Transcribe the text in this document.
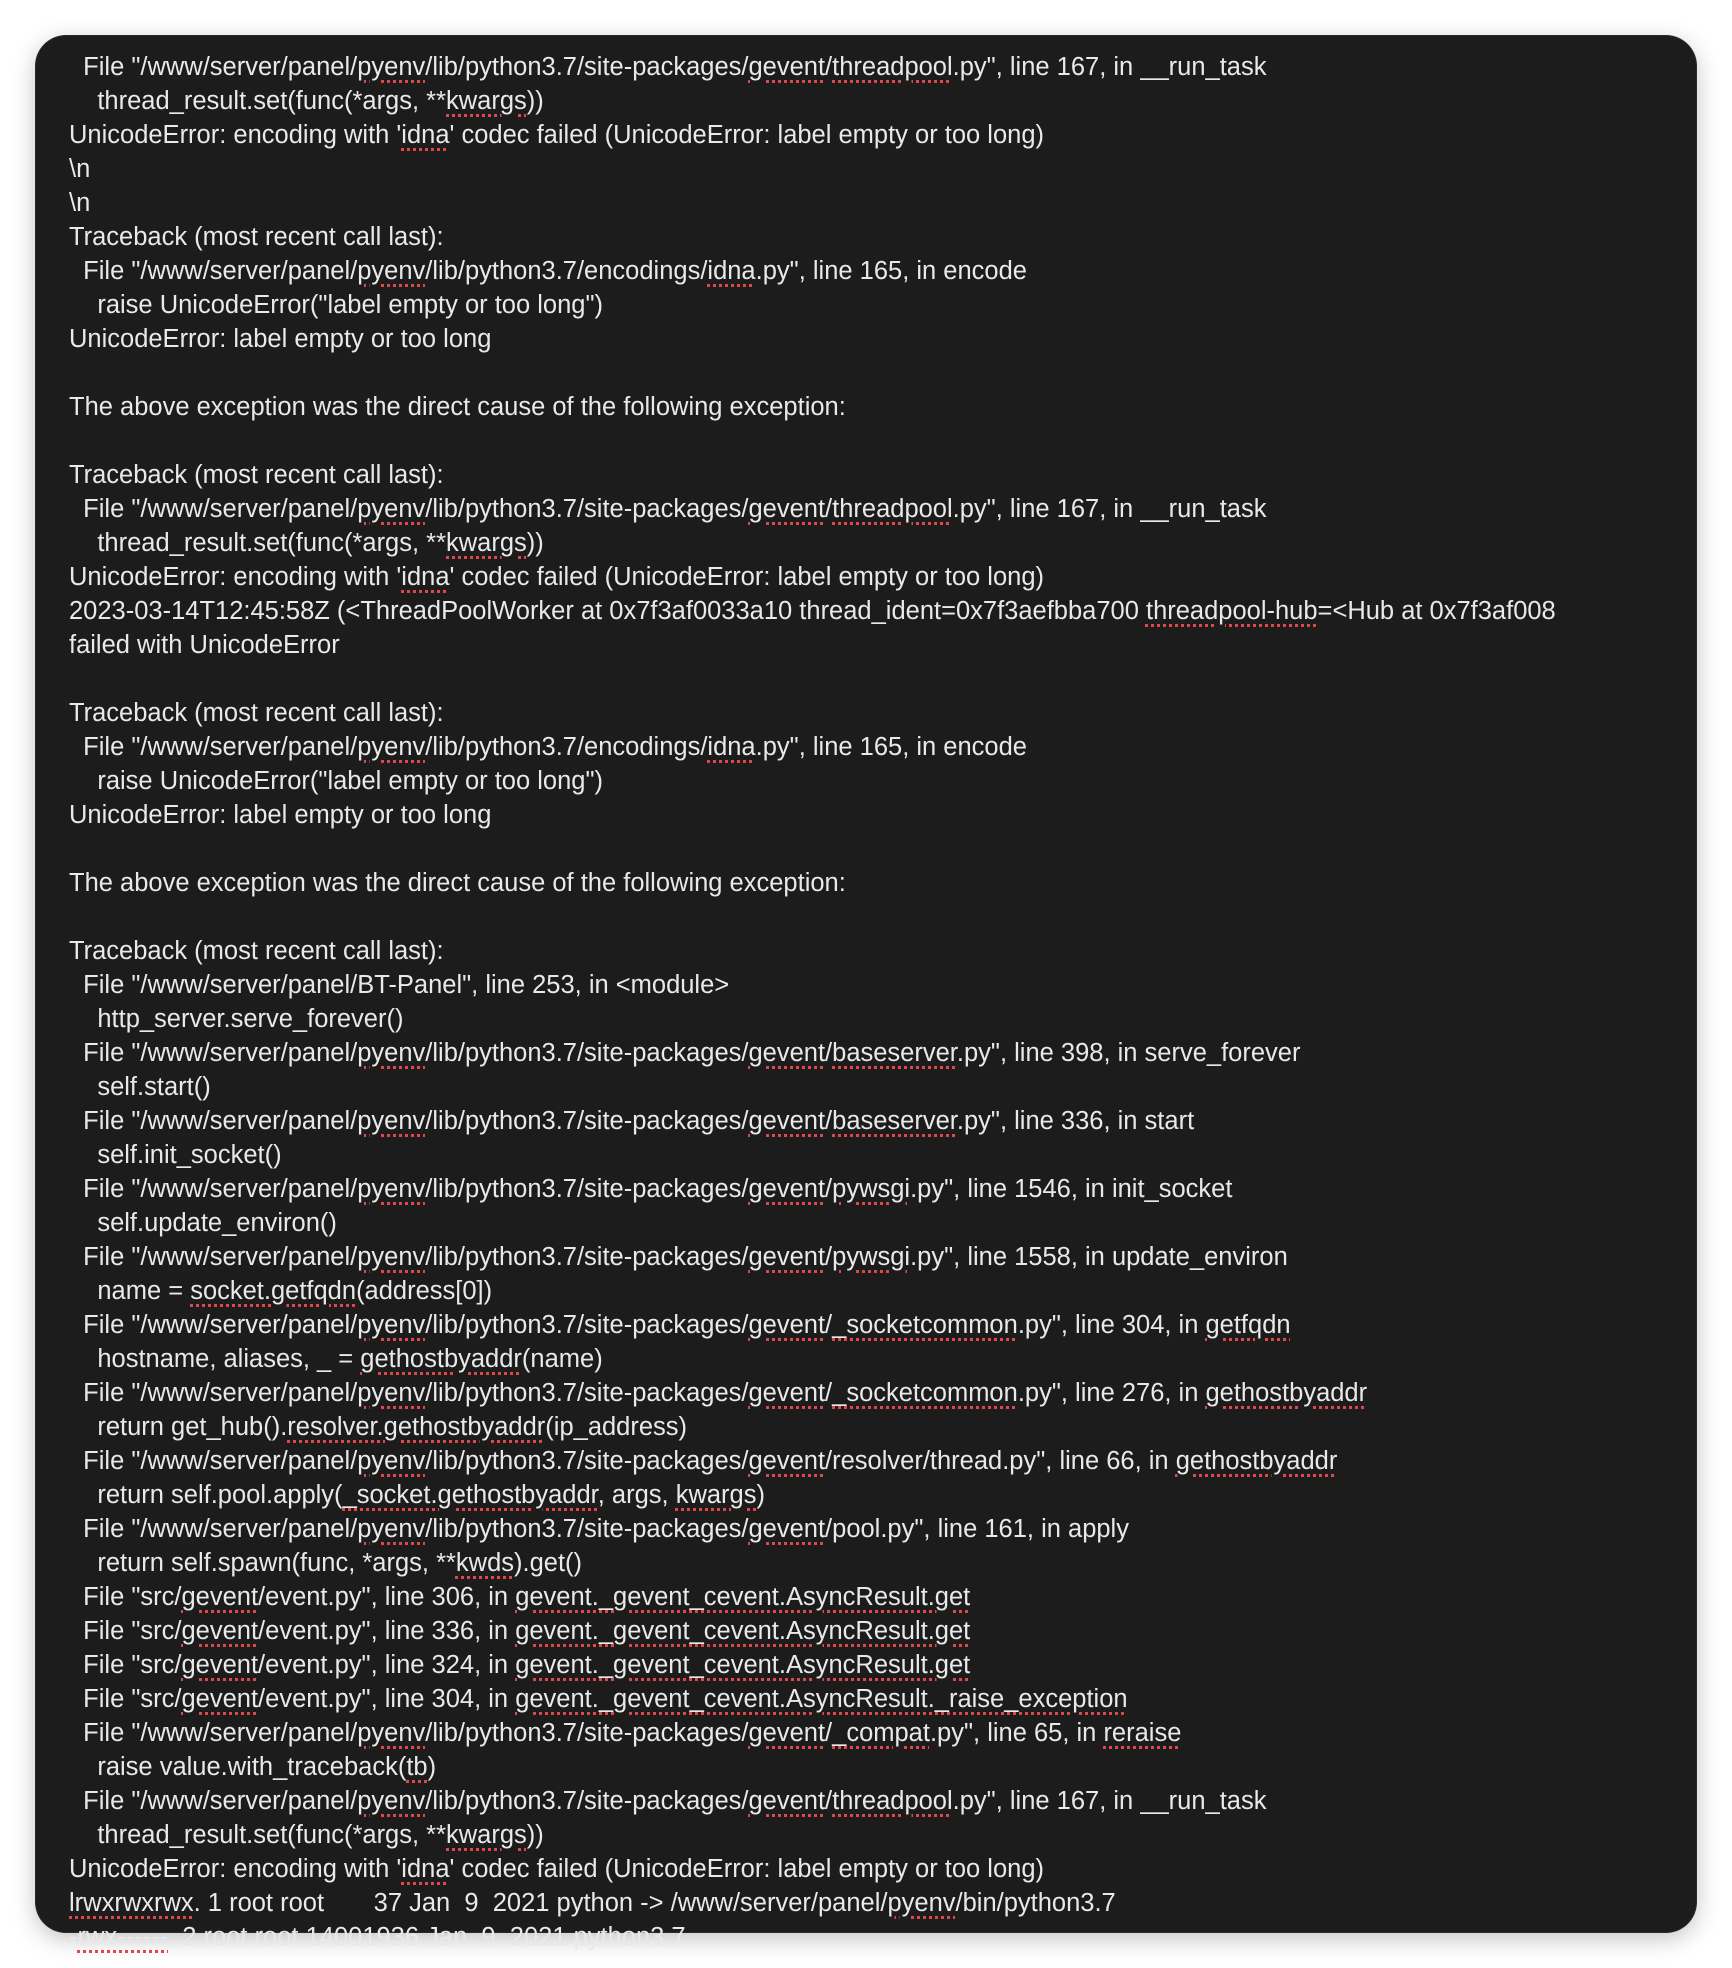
File "/www/server/panel/pyenv/lib/python3.7/site-packages/gevent/threadpool.py", line 167, in __run_task
thread_result.set(func(*args, **kwargs))
UnicodeError: encoding with 'idna' codec failed (UnicodeError: label empty or too long)
\n
\n
Traceback (most recent call last):
File "/www/server/panel/pyenv/lib/python3.7/encodings/idna.py", line 165, in encode
raise UnicodeError("label empty or too long")
UnicodeError: label empty or too long
The above exception was the direct cause of the following exception:
Traceback (most recent call last):
File "/www/server/panel/pyenv/lib/python3.7/site-packages/gevent/threadpool.py", line 167, in __run_task
thread_result.set(func(*args, **kwargs))
UnicodeError: encoding with 'idna' codec failed (UnicodeError: label empty or too long)
2023-03-14T12:45:58Z (<ThreadPoolWorker at 0x7f3af0033a10 thread_ident=0x7f3aefbba700 threadpool-hub=<Hub at 0x7f3af008
failed with UnicodeError
Traceback (most recent call last):
File "/www/server/panel/pyenv/lib/python3.7/encodings/idna.py", line 165, in encode
raise UnicodeError("label empty or too long")
UnicodeError: label empty or too long
The above exception was the direct cause of the following exception:
Traceback (most recent call last):
File "/www/server/panel/BT-Panel", line 253, in <module>
http_server.serve_forever()
File "/www/server/panel/pyenv/lib/python3.7/site-packages/gevent/baseserver.py", line 398, in serve_forever
self.start()
File "/www/server/panel/pyenv/lib/python3.7/site-packages/gevent/baseserver.py", line 336, in start
self.init_socket()
File "/www/server/panel/pyenv/lib/python3.7/site-packages/gevent/pywsgi.py", line 1546, in init_socket
self.update_environ()
File "/www/server/panel/pyenv/lib/python3.7/site-packages/gevent/pywsgi.py", line 1558, in update_environ
name = socket.getfqdn(address[0])
File "/www/server/panel/pyenv/lib/python3.7/site-packages/gevent/_socketcommon.py", line 304, in getfqdn
hostname, aliases, _ = gethostbyaddr(name)
File "/www/server/panel/pyenv/lib/python3.7/site-packages/gevent/_socketcommon.py", line 276, in gethostbyaddr
return get_hub().resolver.gethostbyaddr(ip_address)
File "/www/server/panel/pyenv/lib/python3.7/site-packages/gevent/resolver/thread.py", line 66, in gethostbyaddr
return self.pool.apply(_socket.gethostbyaddr, args, kwargs)
File "/www/server/panel/pyenv/lib/python3.7/site-packages/gevent/pool.py", line 161, in apply
return self.spawn(func, *args, **kwds).get()
File "src/gevent/event.py", line 306, in gevent._gevent_cevent.AsyncResult.get
File "src/gevent/event.py", line 336, in gevent._gevent_cevent.AsyncResult.get
File "src/gevent/event.py", line 324, in gevent._gevent_cevent.AsyncResult.get
File "src/gevent/event.py", line 304, in gevent._gevent_cevent.AsyncResult._raise_exception
File "/www/server/panel/pyenv/lib/python3.7/site-packages/gevent/_compat.py", line 65, in reraise
raise value.with_traceback(tb)
File "/www/server/panel/pyenv/lib/python3.7/site-packages/gevent/threadpool.py", line 167, in __run_task
thread_result.set(func(*args, **kwargs))
UnicodeError: encoding with 'idna' codec failed (UnicodeError: label empty or too long)
lrwxrwxrwx. 1 root root       37 Jan  9  2021 python -> /www/server/panel/pyenv/bin/python3.7
-rwx------. 2 root root 14001936 Jan  9  2021 python3.7
